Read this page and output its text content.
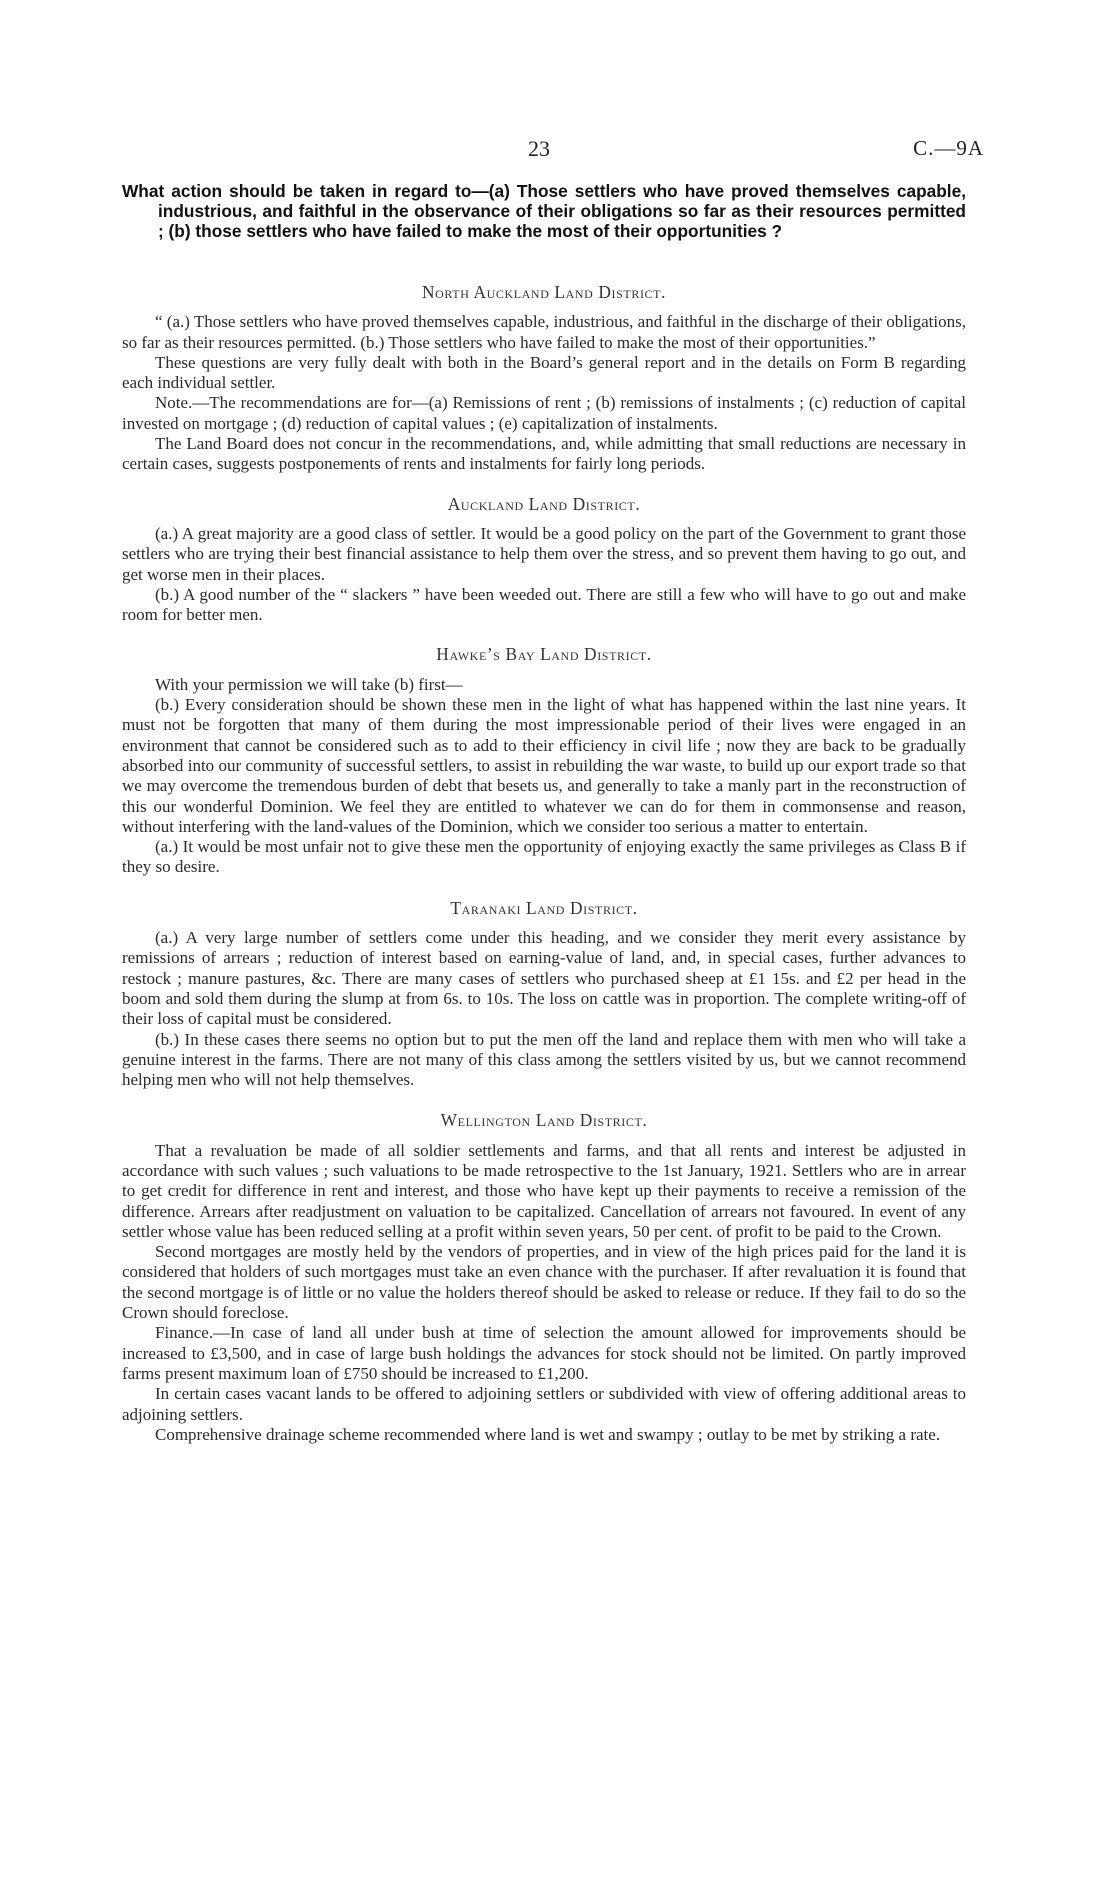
23	C.—9A
What action should be taken in regard to—(a) Those settlers who have proved themselves capable, industrious, and faithful in the observance of their obligations so far as their resources permitted ; (b) those settlers who have failed to make the most of their opportunities ?
North Auckland Land District.

“ (a.) Those settlers who have proved themselves capable, industrious, and faithful in the discharge of their obligations, so far as their resources permitted. (b.) Those settlers who have failed to make the most of their opportunities.”

These questions are very fully dealt with both in the Board’s general report and in the details on Form B regarding each individual settler.

Note.—The recommendations are for—(a) Remissions of rent ; (b) remissions of instalments ; (c) reduction of capital invested on mortgage ; (d) reduction of capital values ; (e) capitalization of instalments.

The Land Board does not concur in the recommendations, and, while admitting that small reductions are necessary in certain cases, suggests postponements of rents and instalments for fairly long periods.

Auckland Land District.

(a.) A great majority are a good class of settler. It would be a good policy on the part of the Government to grant those settlers who are trying their best financial assistance to help them over the stress, and so prevent them having to go out, and get worse men in their places.

(b.) A good number of the “ slackers ” have been weeded out. There are still a few who will have to go out and make room for better men.

Hawke’s Bay Land District.

With your permission we will take (b) first—

(b.) Every consideration should be shown these men in the light of what has happened within the last nine years. It must not be forgotten that many of them during the most impressionable period of their lives were engaged in an environment that cannot be considered such as to add to their efficiency in civil life ; now they are back to be gradually absorbed into our community of successful settlers, to assist in rebuilding the war waste, to build up our export trade so that we may overcome the tremendous burden of debt that besets us, and generally to take a manly part in the reconstruction of this our wonderful Dominion. We feel they are entitled to whatever we can do for them in commonsense and reason, without interfering with the land-values of the Dominion, which we consider too serious a matter to entertain.

(a.) It would be most unfair not to give these men the opportunity of enjoying exactly the same privileges as Class B if they so desire.

Taranaki Land District.

(a.) A very large number of settlers come under this heading, and we consider they merit every assistance by remissions of arrears ; reduction of interest based on earning-value of land, and, in special cases, further advances to restock ; manure pastures, &c. There are many cases of settlers who purchased sheep at £1 15s. and £2 per head in the boom and sold them during the slump at from 6s. to 10s. The loss on cattle was in proportion. The complete writing-off of their loss of capital must be considered.

(b.) In these cases there seems no option but to put the men off the land and replace them with men who will take a genuine interest in the farms. There are not many of this class among the settlers visited by us, but we cannot recommend helping men who will not help themselves.

Wellington Land District.

That a revaluation be made of all soldier settlements and farms, and that all rents and interest be adjusted in accordance with such values ; such valuations to be made retrospective to the 1st January, 1921. Settlers who are in arrear to get credit for difference in rent and interest, and those who have kept up their payments to receive a remission of the difference. Arrears after readjustment on valuation to be capitalized. Cancellation of arrears not favoured. In event of any settler whose value has been reduced selling at a profit within seven years, 50 per cent. of profit to be paid to the Crown.

Second mortgages are mostly held by the vendors of properties, and in view of the high prices paid for the land it is considered that holders of such mortgages must take an even chance with the purchaser. If after revaluation it is found that the second mortgage is of little or no value the holders thereof should be asked to release or reduce. If they fail to do so the Crown should foreclose.

Finance.—In case of land all under bush at time of selection the amount allowed for improvements should be increased to £3,500, and in case of large bush holdings the advances for stock should not be limited. On partly improved farms present maximum loan of £750 should be increased to £1,200.

In certain cases vacant lands to be offered to adjoining settlers or subdivided with view of offering additional areas to adjoining settlers.

Comprehensive drainage scheme recommended where land is wet and swampy ; outlay to be met by striking a rate.
